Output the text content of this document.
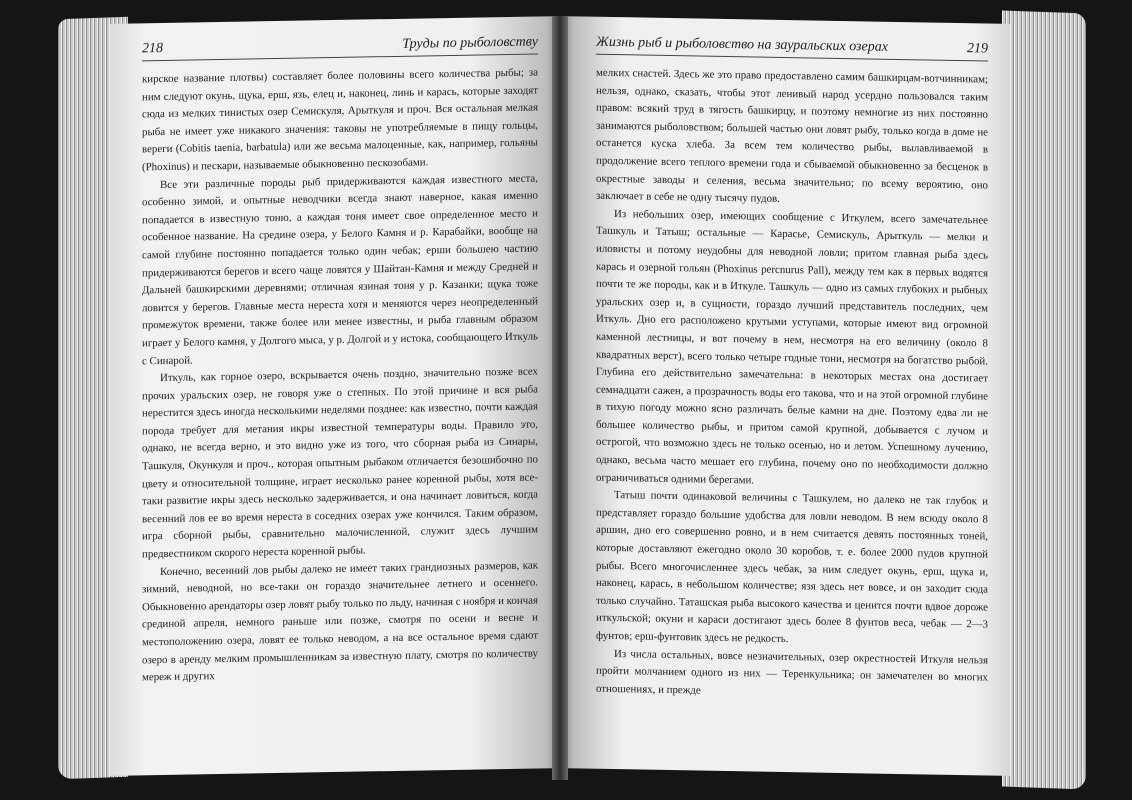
218	Труды по рыболовству

кирское название плотвы) составляет более половины всего количества рыбы; за ним следуют окунь, щука, ерш, язь, елец и, наконец, линь и карась, которые заходят сюда из мелких тинистых озер Семискуля, Арыткуля и проч. Вся остальная мелкая рыба не имеет уже никакого значения: таковы не употребляемые в пищу гольцы, вереги (Cobitis taenia, barbatula) или же весьма малоценные, как, например, гольяны (Phoxinus) и пескари, называемые обыкновенно пескозобами.

Все эти различные породы рыб придерживаются каждая известного места, особенно зимой, и опытные неводчики всегда знают наверное, какая именно попадается в известную тоню, а каждая тоня имеет свое определенное место и особенное название. На средине озера, у Белого Камня и р. Карабайки, вообще на самой глубине постоянно попадается только один чебак; ерши большею частию придерживаются берегов и всего чаще ловятся у Шайтан-Камня и между Средней и Дальней башкирскими деревнями; отличная язиная тоня у р. Казанки; щука тоже ловится у берегов. Главные места нереста хотя и меняются через неопределенный промежуток времени, также более или менее известны, и рыба главным образом играет у Белого камня, у Долгого мыса, у р. Долгой и у истока, сообщающего Иткуль с Синарой.

Иткуль, как горное озеро, вскрывается очень поздно, значительно позже всех прочих уральских озер, не говоря уже о степных. По этой причине и вся рыба нерестится здесь иногда несколькими неделями позднее: как известно, почти каждая порода требует для метания икры известной температуры воды. Правило это, однако, не всегда верно, и это видно уже из того, что сборная рыба из Синары, Ташкуля, Окункуля и проч., которая опытным рыбаком отличается безошибочно по цвету и относительной толщине, играет несколько ранее коренной рыбы, хотя все-таки развитие икры здесь несколько задерживается, и она начинает ловиться, когда весенний лов ее во время нереста в соседних озерах уже кончился. Таким образом, игра сборной рыбы, сравнительно малочисленной, служит здесь лучшим предвестником скорого нереста коренной рыбы.

Конечно, весенний лов рыбы далеко не имеет таких грандиозных размеров, как зимний, неводной, но все-таки он гораздо значительнее летнего и осеннего. Обыкновенно арендаторы озер ловят рыбу только по льду, начиная с ноября и кончая срединой апреля, немного раньше или позже, смотря по осени и весне и местоположению озера, ловят ее только неводом, а на все остальное время сдают озеро в аренду мелким промышленникам за известную плату, смотря по количеству мереж и других

Жизнь рыб и рыболовство на зауральских озерах	219

мелких снастей. Здесь же это право предоставлено самим башкирцам-вотчинникам; нельзя, однако, сказать, чтобы этот ленивый народ усердно пользовался таким правом: всякий труд в тягость башкирцу, и поэтому немногие из них постоянно занимаются рыболовством; большей частью они ловят рыбу, только когда в доме не останется куска хлеба. За всем тем количество рыбы, вылавливаемой в продолжение всего теплого времени года и сбываемой обыкновенно за бесценок в окрестные заводы и селения, весьма значительно; по всему вероятию, оно заключает в себе не одну тысячу пудов.

Из небольших озер, имеющих сообщение с Иткулем, всего замечательнее Ташкуль и Татыш; остальные — Карасье, Семискуль, Арыткуль — мелки и иловисты и потому неудобны для неводной ловли; притом главная рыба здесь карась и озерной гольян (Phoxinus percnurus Pall), между тем как в первых водятся почти те же породы, как и в Иткуле. Ташкуль — одно из самых глубоких и рыбных уральских озер и, в сущности, гораздо лучший представитель последних, чем Иткуль. Дно его расположено крутыми уступами, которые имеют вид огромной каменной лестницы, и вот почему в нем, несмотря на его величину (около 8 квадратных верст), всего только четыре годные тони, несмотря на богатство рыбой. Глубина его действительно замечательна: в некоторых местах она достигает семнадцати сажен, а прозрачность воды его такова, что и на этой огромной глубине в тихую погоду можно ясно различать белые камни на дне. Поэтому едва ли не большее количество рыбы, и притом самой крупной, добывается с лучом и острогой, что возможно здесь не только осенью, но и летом. Успешному лучению, однако, весьма часто мешает его глубина, почему оно по необходимости должно ограничиваться одними берегами.

Татыш почти одинаковой величины с Ташкулем, но далеко не так глубок и представляет гораздо большие удобства для ловли неводом. В нем всюду около 8 аршин, дно его совершенно ровно, и в нем считается девять постоянных тоней, которые доставляют ежегодно около 30 коробов, т. е. более 2000 пудов крупной рыбы. Всего многочисленнее здесь чебак, за ним следует окунь, ерш, щука и, наконец, карась, в небольшом количестве; язя здесь нет вовсе, и он заходит сюда только случайно. Таташская рыба высокого качества и ценится почти вдвое дороже иткульской; окуни и караси достигают здесь более 8 фунтов веса, чебак — 2—3 фунтов; ерш-фунтовик здесь не редкость.

Из числа остальных, вовсе незначительных, озер окрестностей Иткуля нельзя пройти молчанием одного из них — Теренкульника; он замечателен во многих отношениях, и прежде
